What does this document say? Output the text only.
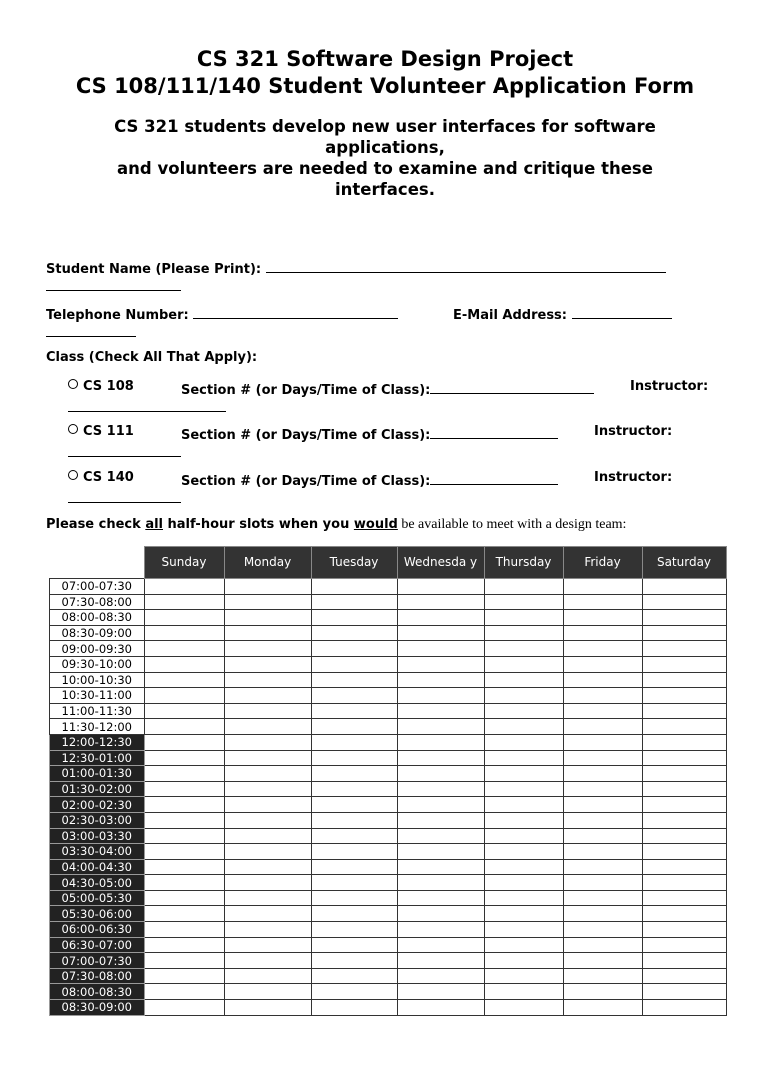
CS 321 Software Design Project
CS 108/111/140 Student Volunteer Application Form
CS 321 students develop new user interfaces for software applications,
and volunteers are needed to examine and critique these interfaces.
Student Name (Please Print):
Telephone Number:	E-Mail Address:
Class (Check All That Apply):
CS 108	Section # (or Days/Time of Class):	Instructor:
CS 111	Section # (or Days/Time of Class):	Instructor:
CS 140	Section # (or Days/Time of Class):	Instructor:
Please check all half-hour slots when you would be available to meet with a design team:
	Sunday	Monday	Tuesday	Wednesda y	Thursday	Friday	Saturday
07:00-07:30							
07:30-08:00							
08:00-08:30							
08:30-09:00							
09:00-09:30							
09:30-10:00							
10:00-10:30							
10:30-11:00							
11:00-11:30							
11:30-12:00							
12:00-12:30							
12:30-01:00							
01:00-01:30							
01:30-02:00							
02:00-02:30							
02:30-03:00							
03:00-03:30							
03:30-04:00							
04:00-04:30							
04:30-05:00							
05:00-05:30							
05:30-06:00							
06:00-06:30							
06:30-07:00							
07:00-07:30							
07:30-08:00							
08:00-08:30							
08:30-09:00							
